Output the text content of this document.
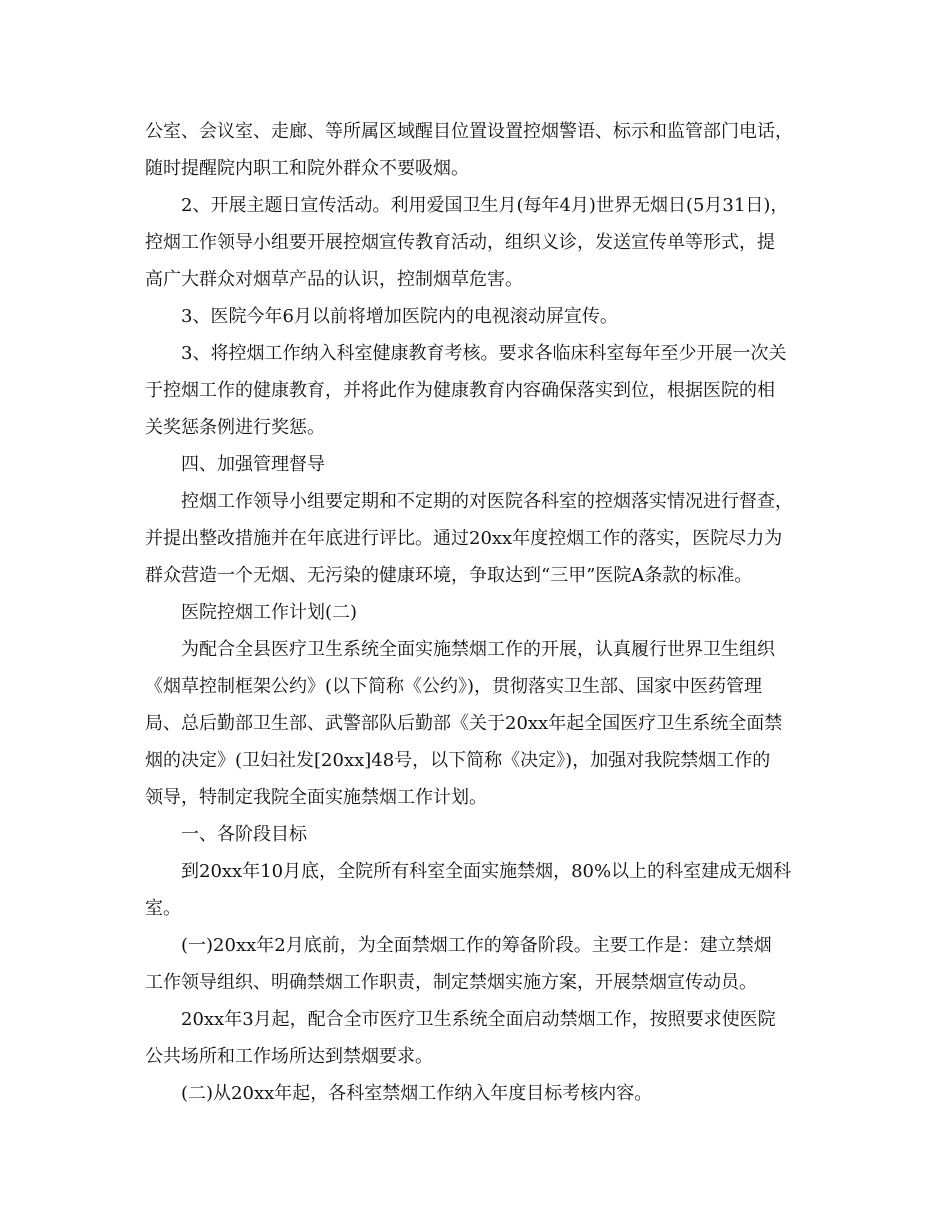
公室、会议室、走廊、等所属区域醒目位置设置控烟警语、标示和监管部门电话，
随时提醒院内职工和院外群众不要吸烟。
2、开展主题日宣传活动。利用爱国卫生月(每年4月)世界无烟日(5月31日)，
控烟工作领导小组要开展控烟宣传教育活动，组织义诊，发送宣传单等形式，提
高广大群众对烟草产品的认识，控制烟草危害。
3、医院今年6月以前将增加医院内的电视滚动屏宣传。
3、将控烟工作纳入科室健康教育考核。要求各临床科室每年至少开展一次关
于控烟工作的健康教育，并将此作为健康教育内容确保落实到位，根据医院的相
关奖惩条例进行奖惩。
四、加强管理督导
控烟工作领导小组要定期和不定期的对医院各科室的控烟落实情况进行督查，
并提出整改措施并在年底进行评比。通过20xx年度控烟工作的落实，医院尽力为
群众营造一个无烟、无污染的健康环境，争取达到“三甲”医院A条款的标准。
医院控烟工作计划(二)
为配合全县医疗卫生系统全面实施禁烟工作的开展，认真履行世界卫生组织
《烟草控制框架公约》(以下简称《公约》)，贯彻落实卫生部、国家中医药管理
局、总后勤部卫生部、武警部队后勤部《关于20xx年起全国医疗卫生系统全面禁
烟的决定》(卫妇社发[20xx]48号，以下简称《决定》)，加强对我院禁烟工作的
领导，特制定我院全面实施禁烟工作计划。
一、各阶段目标
到20xx年10月底，全院所有科室全面实施禁烟，80%以上的科室建成无烟科
室。
(一)20xx年2月底前，为全面禁烟工作的筹备阶段。主要工作是：建立禁烟
工作领导组织、明确禁烟工作职责，制定禁烟实施方案，开展禁烟宣传动员。
20xx年3月起，配合全市医疗卫生系统全面启动禁烟工作，按照要求使医院
公共场所和工作场所达到禁烟要求。
(二)从20xx年起，各科室禁烟工作纳入年度目标考核内容。
